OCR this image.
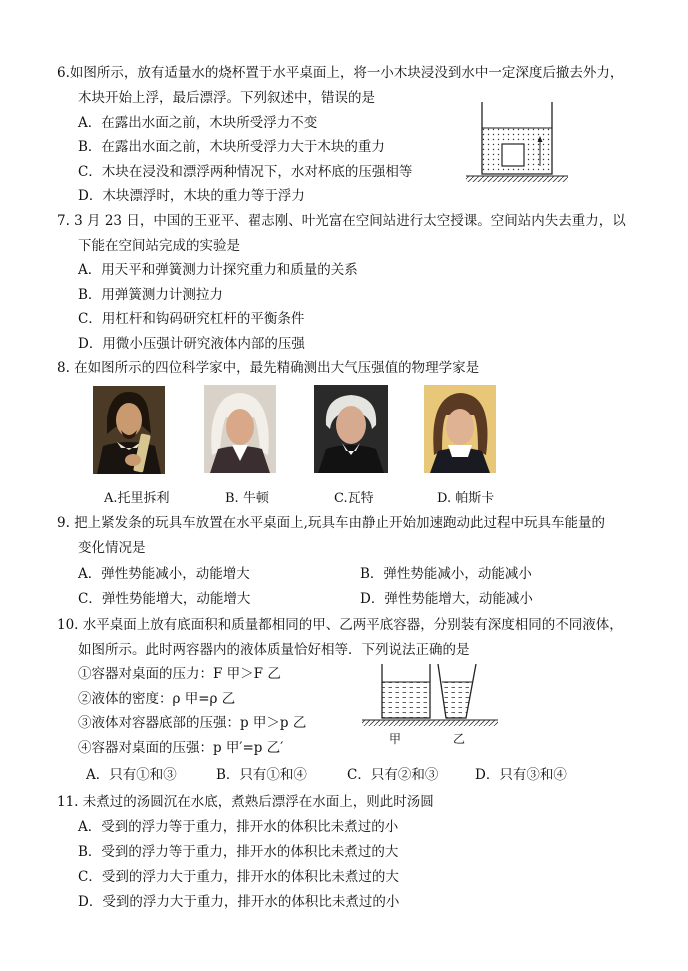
6.如图所示，放有适量水的烧杯置于水平桌面上，将一小木块浸没到水中一定深度后撤去外力，
木块开始上浮，最后漂浮。下列叙述中，错误的是
A．在露出水面之前，木块所受浮力不变
B．在露出水面之前，木块所受浮力大于木块的重力
C．木块在浸没和漂浮两种情况下，水对杯底的压强相等
D．木块漂浮时，木块的重力等于浮力
7. 3 月 23 日，中国的王亚平、翟志刚、叶光富在空间站进行太空授课。空间站内失去重力，以
下能在空间站完成的实验是
A．用天平和弹簧测力计探究重力和质量的关系
B．用弹簧测力计测拉力
C．用杠杆和钩码研究杠杆的平衡条件
D．用微小压强计研究液体内部的压强
8. 在如图所示的四位科学家中，最先精确测出大气压强值的物理学家是
A.托里拆利	B. 牛顿	C.瓦特	D. 帕斯卡
9. 把上紧发条的玩具车放置在水平桌面上,玩具车由静止开始加速跑动此过程中玩具车能量的
变化情况是
A．弹性势能减小，动能增大	B．弹性势能减小，动能减小
C．弹性势能增大，动能增大	D．弹性势能增大，动能减小
10. 水平桌面上放有底面积和质量都相同的甲、乙两平底容器，分别装有深度相同的不同液体，
如图所示。此时两容器内的液体质量恰好相等．下列说法正确的是
①容器对桌面的压力：F 甲＞F 乙
②液体的密度：ρ 甲=ρ 乙
③液体对容器底部的压强：p 甲＞p 乙
④容器对桌面的压强：p 甲′=p 乙′
甲	乙
A．只有①和③	B．只有①和④	C．只有②和③	D．只有③和④
11. 未煮过的汤圆沉在水底，煮熟后漂浮在水面上，则此时汤圆
A．受到的浮力等于重力，排开水的体积比未煮过的小
B．受到的浮力等于重力，排开水的体积比未煮过的大
C．受到的浮力大于重力，排开水的体积比未煮过的大
D．受到的浮力大于重力，排开水的体积比未煮过的小
